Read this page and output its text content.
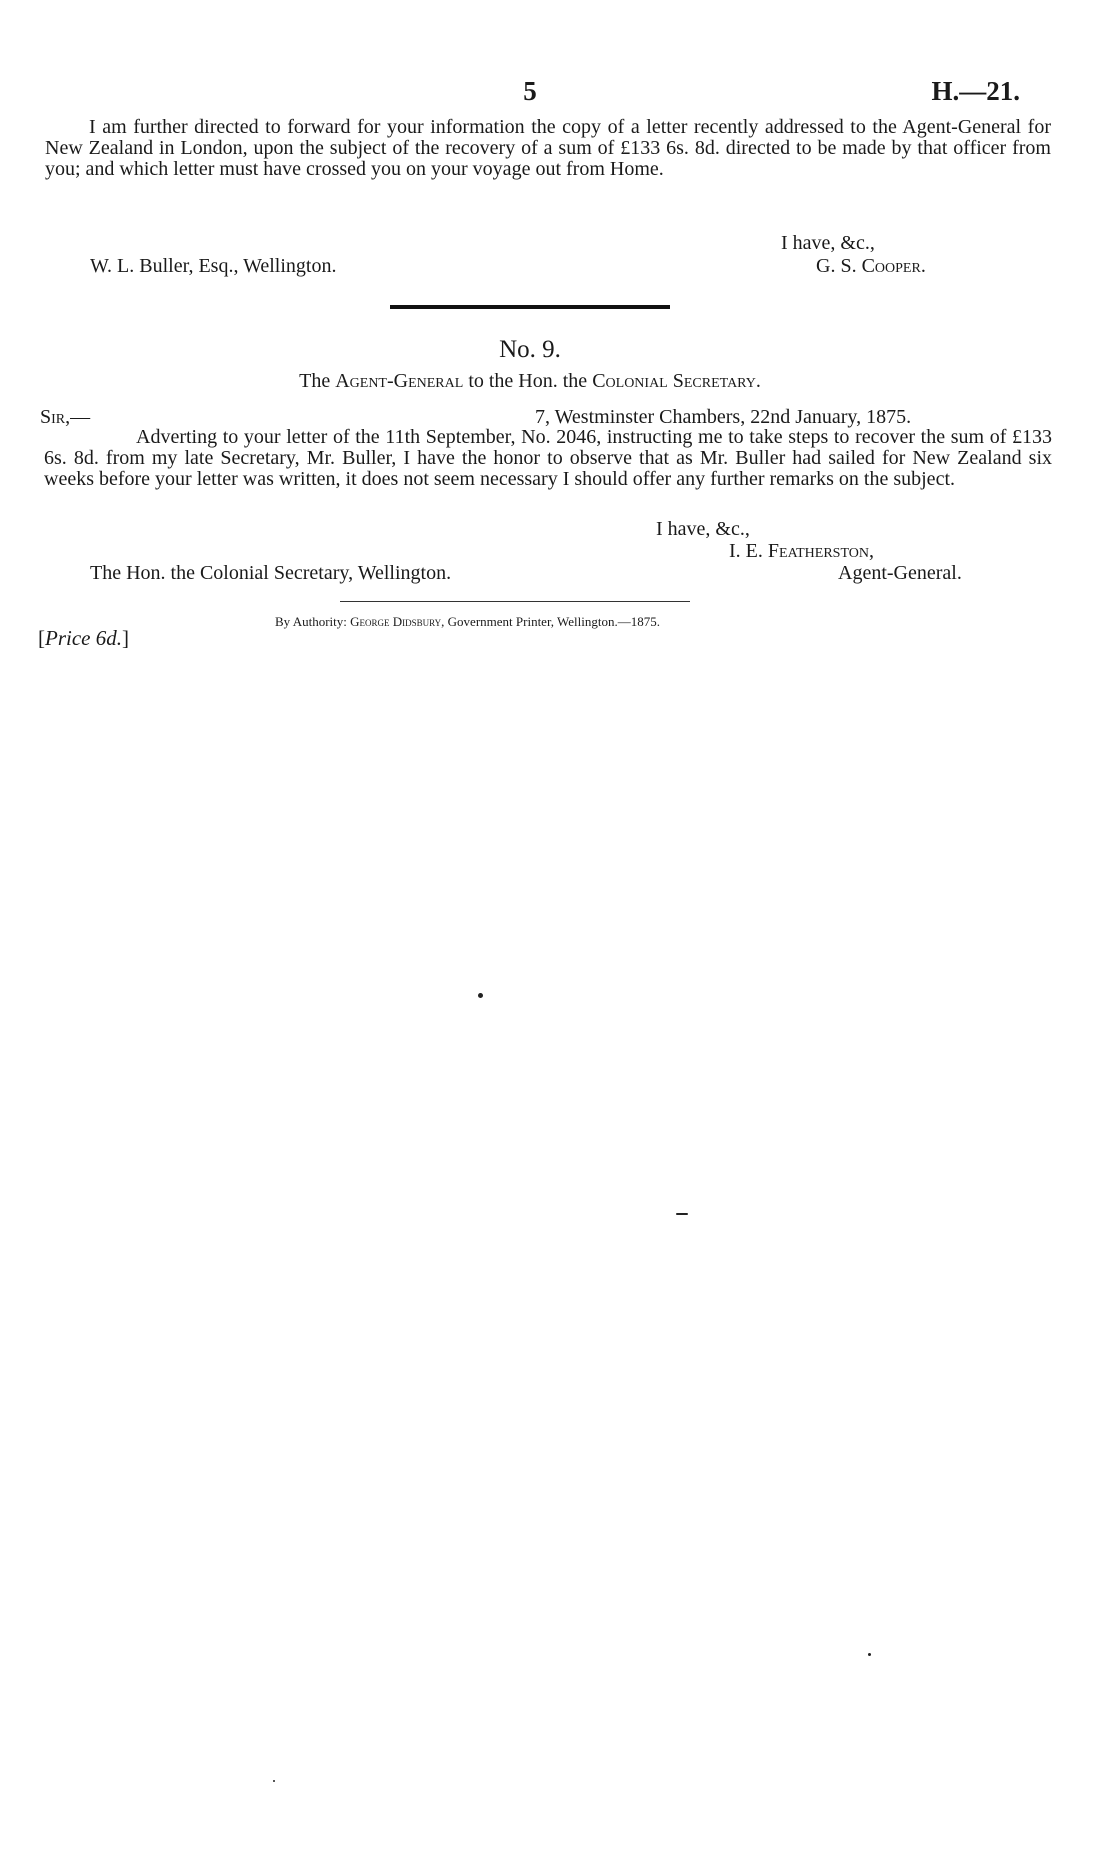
5	H.—21.
I am further directed to forward for your information the copy of a letter recently addressed to the Agent-General for New Zealand in London, upon the subject of the recovery of a sum of £133 6s. 8d. directed to be made by that officer from you; and which letter must have crossed you on your voyage out from Home.
I have, &c.,
W. L. Buller, Esq., Wellington.	G. S. Cooper.
No. 9.
The Agent-General to the Hon. the Colonial Secretary.
Sir,—	7, Westminster Chambers, 22nd January, 1875.
Adverting to your letter of the 11th September, No. 2046, instructing me to take steps to recover the sum of £133 6s. 8d. from my late Secretary, Mr. Buller, I have the honor to observe that as Mr. Buller had sailed for New Zealand six weeks before your letter was written, it does not seem necessary I should offer any further remarks on the subject.
I have, &c.,
I. E. Featherston,
The Hon. the Colonial Secretary, Wellington.	Agent-General.
By Authority: George Didsbury, Government Printer, Wellington.—1875.
[Price 6d.]
